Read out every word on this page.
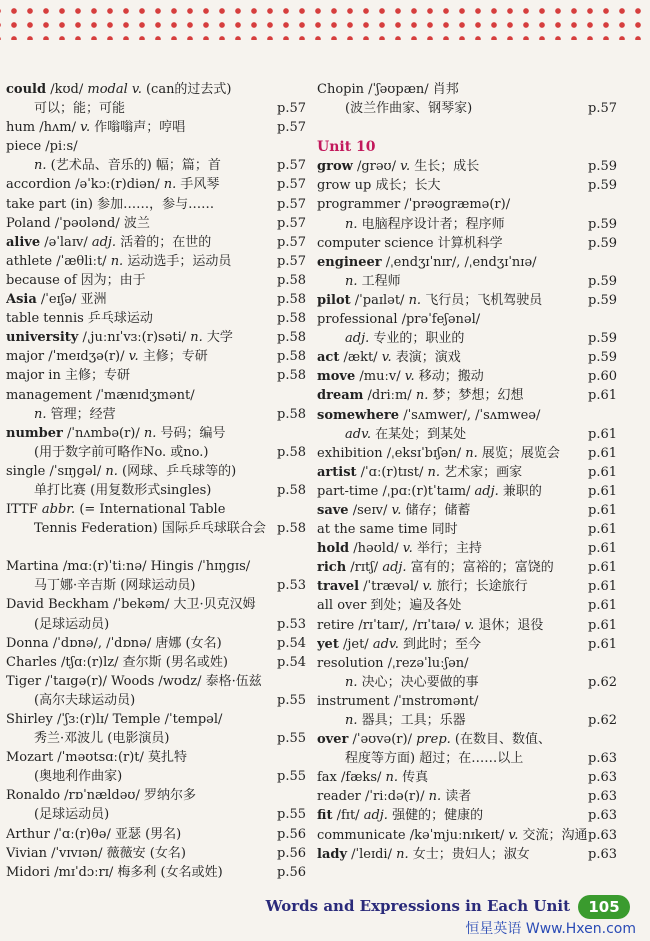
could /kʊd/ modal v. (can的过去式)
可以；能；可能	p.57
hum /hʌm/ v. 作嗡嗡声；哼唱	p.57
piece /piːs/
n. (艺术品、音乐的) 幅；篇；首	p.57
accordion /əˈkɔː(r)diən/ n. 手风琴	p.57
take part (in) 参加……，参与……	p.57
Poland /ˈpəʊlənd/ 波兰	p.57
alive /əˈlaɪv/ adj. 活着的；在世的	p.57
athlete /ˈæθliːt/ n. 运动选手；运动员	p.57
because of 因为；由于	p.58
Asia /ˈeɪʃə/ 亚洲	p.58
table tennis 乒乓球运动	p.58
university /ˌjuːnɪˈvɜː(r)səti/ n. 大学	p.58
major /ˈmeɪdʒə(r)/ v. 主修；专研	p.58
major in 主修；专研	p.58
management /ˈmænɪdʒmənt/
n. 管理；经营	p.58
number /ˈnʌmbə(r)/ n. 号码；编号
(用于数字前可略作No. 或no.)	p.58
single /ˈsɪŋgəl/ n. (网球、乒乓球等的)
单打比赛 (用复数形式singles)	p.58
ITTF abbr. (= International Table
Tennis Federation) 国际乒乓球联合会 p.58
Martina /mɑː(r)ˈtiːnə/ Hingis /ˈhɪŋgɪs/
马丁娜·辛吉斯 (网球运动员)	p.53
David Beckham /ˈbekəm/ 大卫·贝克汉姆
(足球运动员)	p.53
Donna /ˈdɒnə/, /ˈdɒnə/ 唐娜 (女名)	p.54
Charles /tʃɑː(r)lz/ 查尔斯 (男名或姓)	p.54
Tiger /ˈtaɪgə(r)/ Woods /wʊdz/ 泰格·伍兹
(高尔夫球运动员)	p.55
Shirley /ˈʃɜː(r)lɪ/ Temple /ˈtempəl/
秀兰·邓波儿 (电影演员)	p.55
Mozart /ˈməʊtsɑː(r)t/ 莫扎特
(奥地利作曲家)	p.55
Ronaldo /rɒˈnældəʊ/ 罗纳尔多
(足球运动员)	p.55
Arthur /ˈɑː(r)θə/ 亚瑟 (男名)	p.56
Vivian /ˈvɪvɪən/ 薇薇安 (女名)	p.56
Midori /mɪˈdɔːrɪ/ 梅多利 (女名或姓)	p.56
Chopin /ˈʃəʊpæn/ 肖邦
(波兰作曲家、钢琴家)	p.57
Unit 10
grow /grəʊ/ v. 生长；成长	p.59
grow up 成长；长大	p.59
programmer /ˈprəʊgræmə(r)/
n. 电脑程序设计者；程序师	p.59
computer science 计算机科学	p.59
engineer /ˌendʒɪˈnɪr/, /ˌendʒɪˈnɪə/
n. 工程师	p.59
pilot /ˈpaɪlət/ n. 飞行员；飞机驾驶员	p.59
professional /prəˈfeʃənəl/
adj. 专业的；职业的	p.59
act /ækt/ v. 表演；演戏	p.59
move /muːv/ v. 移动；搬动	p.60
dream /driːm/ n. 梦；梦想；幻想	p.61
somewhere /ˈsʌmwer/, /ˈsʌmweə/
adv. 在某处；到某处	p.61
exhibition /ˌeksɪˈbɪʃən/ n. 展览；展览会	p.61
artist /ˈɑː(r)tɪst/ n. 艺术家；画家	p.61
part-time /ˌpɑː(r)tˈtaɪm/ adj. 兼职的	p.61
save /seɪv/ v. 储存；储蓄	p.61
at the same time 同时	p.61
hold /həʊld/ v. 举行；主持	p.61
rich /rɪtʃ/ adj. 富有的；富裕的；富饶的	p.61
travel /ˈtrævəl/ v. 旅行；长途旅行	p.61
all over 到处；遍及各处	p.61
retire /rɪˈtaɪr/, /rɪˈtaɪə/ v. 退休；退役	p.61
yet /jet/ adv. 到此时；至今	p.61
resolution /ˌrezəˈluːʃən/
n. 决心；决心要做的事	p.62
instrument /ˈɪnstrʊmənt/
n. 器具；工具；乐器	p.62
over /ˈəʊvə(r)/ prep. (在数目、数值、
程度等方面) 超过；在……以上	p.63
fax /fæks/ n. 传真	p.63
reader /ˈriːdə(r)/ n. 读者	p.63
fit /fɪt/ adj. 强健的；健康的	p.63
communicate /kəˈmjuːnɪkeɪt/ v. 交流；沟通 p.63
lady /ˈleɪdi/ n. 女士；贵妇人；淑女	p.63
Words and Expressions in Each Unit	105
恒星英语 Www.Hxen.com
